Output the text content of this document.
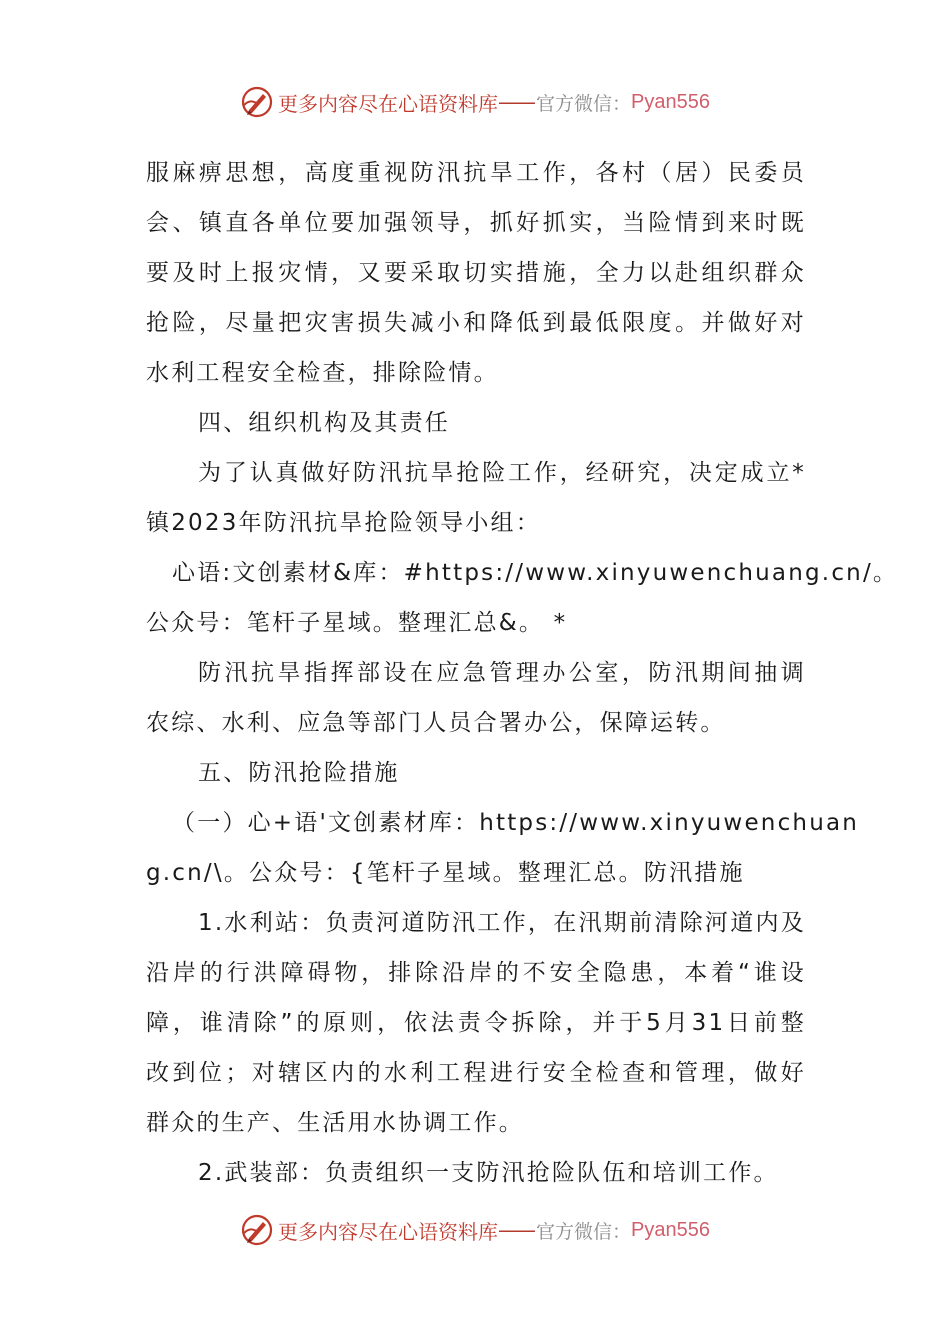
更多内容尽在心语资料库 —— 官方微信： Pyan556
服麻痹思想，高度重视防汛抗旱工作，各村（居）民委员
会、镇直各单位要加强领导，抓好抓实，当险情到来时既
要及时上报灾情，又要采取切实措施，全力以赴组织群众
抢险，尽量把灾害损失减小和降低到最低限度。并做好对
水利工程安全检查，排除险情。
四、组织机构及其责任
为了认真做好防汛抗旱抢险工作，经研究，决定成立*
镇2023年防汛抗旱抢险领导小组：
心语:文创素材&库：#https://www.xinyuwenchuang.cn/。
公众号：笔杆子星域。整理汇总&。 *
防汛抗旱指挥部设在应急管理办公室，防汛期间抽调
农综、水利、应急等部门人员合署办公，保障运转。
五、防汛抢险措施
（一）心+语'文创素材库：https://www.xinyuwenchuan
g.cn/\。公众号：{笔杆子星域。整理汇总。防汛措施
1.水利站：负责河道防汛工作，在汛期前清除河道内及
沿岸的行洪障碍物，排除沿岸的不安全隐患，本着“谁设
障，谁清除”的原则，依法责令拆除，并于5月31日前整
改到位；对辖区内的水利工程进行安全检查和管理，做好
群众的生产、生活用水协调工作。
2.武装部：负责组织一支防汛抢险队伍和培训工作。
更多内容尽在心语资料库 —— 官方微信： Pyan556
